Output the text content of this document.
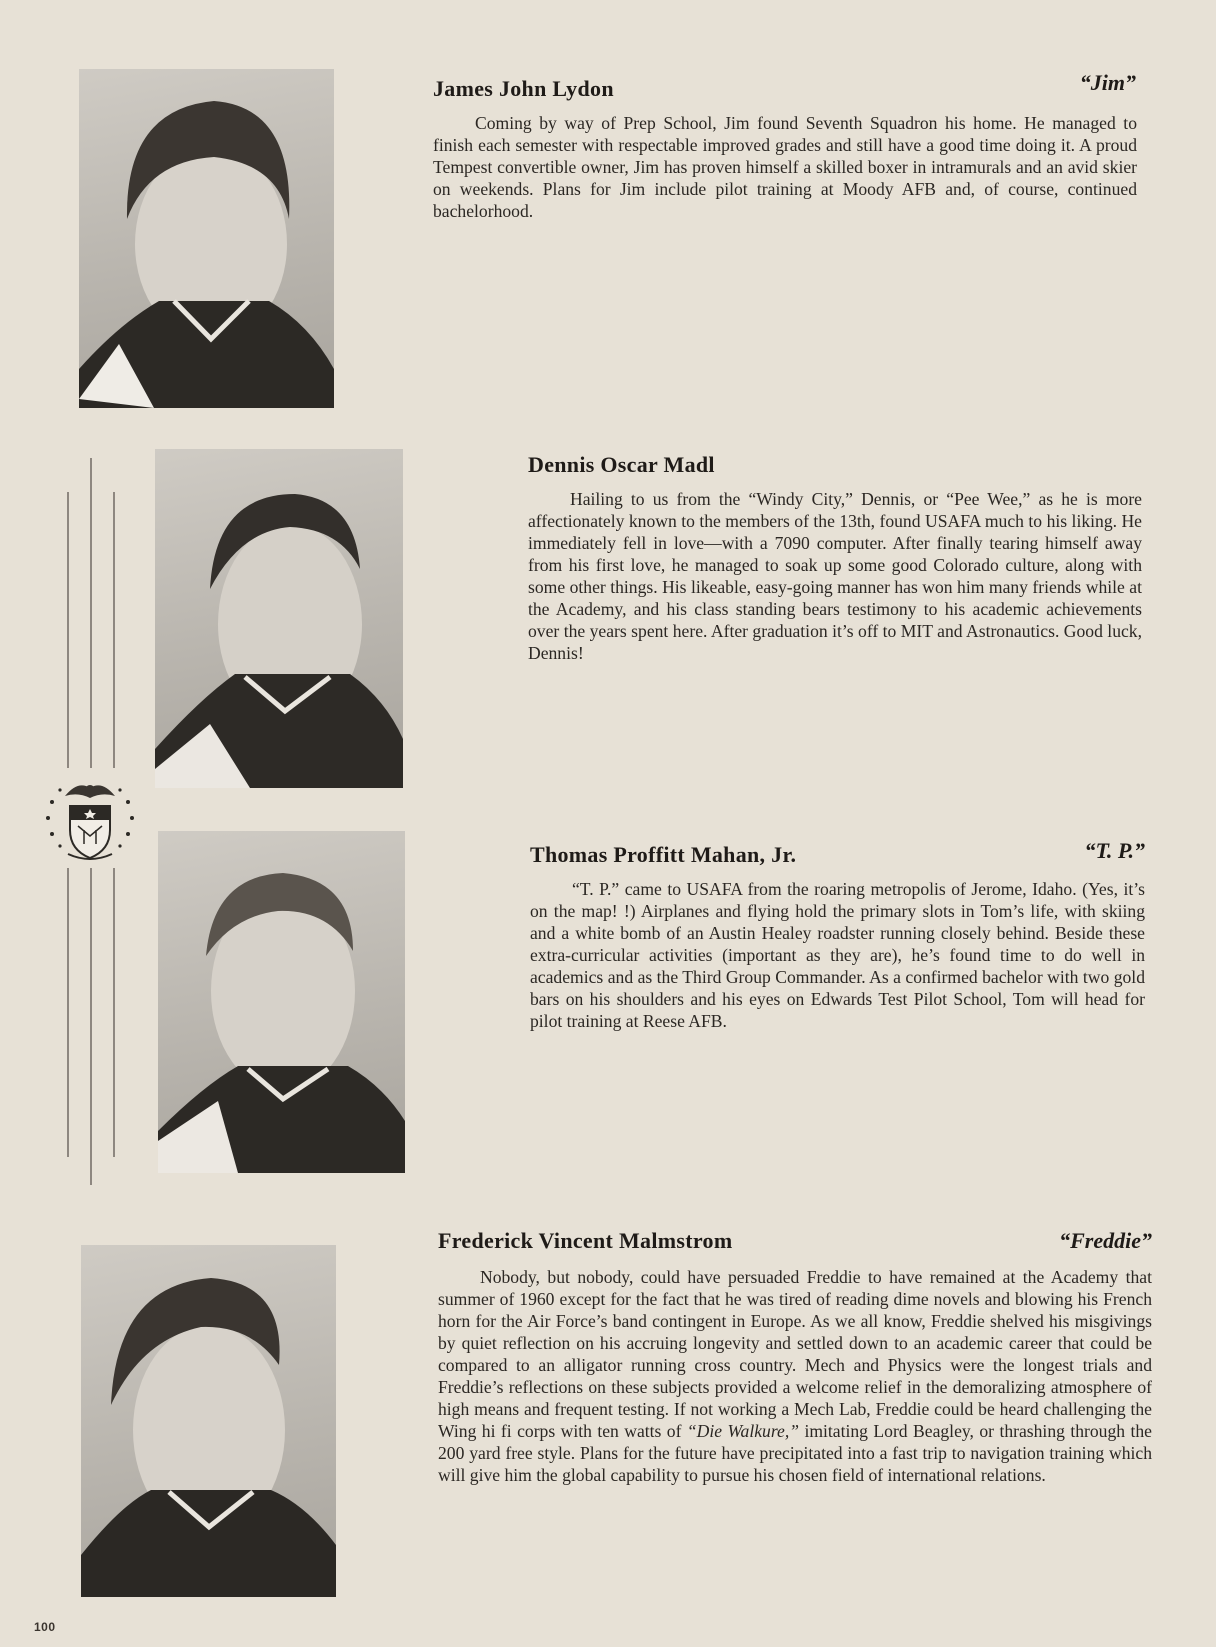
James John Lydon	“Jim”

Coming by way of Prep School, Jim found Seventh Squadron his home. He managed to finish each semester with respectable improved grades and still have a good time doing it. A proud Tempest convertible owner, Jim has proven himself a skilled boxer in intramurals and an avid skier on weekends. Plans for Jim include pilot training at Moody AFB and, of course, continued bachelorhood.

Dennis Oscar Madl

Hailing to us from the “Windy City,” Dennis, or “Pee Wee,” as he is more affectionately known to the members of the 13th, found USAFA much to his liking. He immediately fell in love—with a 7090 computer. After finally tearing himself away from his first love, he managed to soak up some good Colorado culture, along with some other things. His likeable, easy-going manner has won him many friends while at the Academy, and his class standing bears testimony to his academic achievements over the years spent here. After graduation it’s off to MIT and Astronautics. Good luck, Dennis!

Thomas Proffitt Mahan, Jr.	“T. P.”

“T. P.” came to USAFA from the roaring metropolis of Jerome, Idaho. (Yes, it’s on the map! !) Airplanes and flying hold the primary slots in Tom’s life, with skiing and a white bomb of an Austin Healey roadster running closely behind. Beside these extra-curricular activities (important as they are), he’s found time to do well in academics and as the Third Group Commander. As a confirmed bachelor with two gold bars on his shoulders and his eyes on Edwards Test Pilot School, Tom will head for pilot training at Reese AFB.

Frederick Vincent Malmstrom	“Freddie”

Nobody, but nobody, could have persuaded Freddie to have remained at the Academy that summer of 1960 except for the fact that he was tired of reading dime novels and blowing his French horn for the Air Force’s band contingent in Europe. As we all know, Freddie shelved his misgivings by quiet reflection on his accruing longevity and settled down to an academic career that could be compared to an alligator running cross country. Mech and Physics were the longest trials and Freddie’s reflections on these subjects provided a welcome relief in the demoralizing atmosphere of high means and frequent testing. If not working a Mech Lab, Freddie could be heard challenging the Wing hi fi corps with ten watts of “Die Walkure,” imitating Lord Beagley, or thrashing through the 200 yard free style. Plans for the future have precipitated into a fast trip to navigation training which will give him the global capability to pursue his chosen field of international relations.

100
